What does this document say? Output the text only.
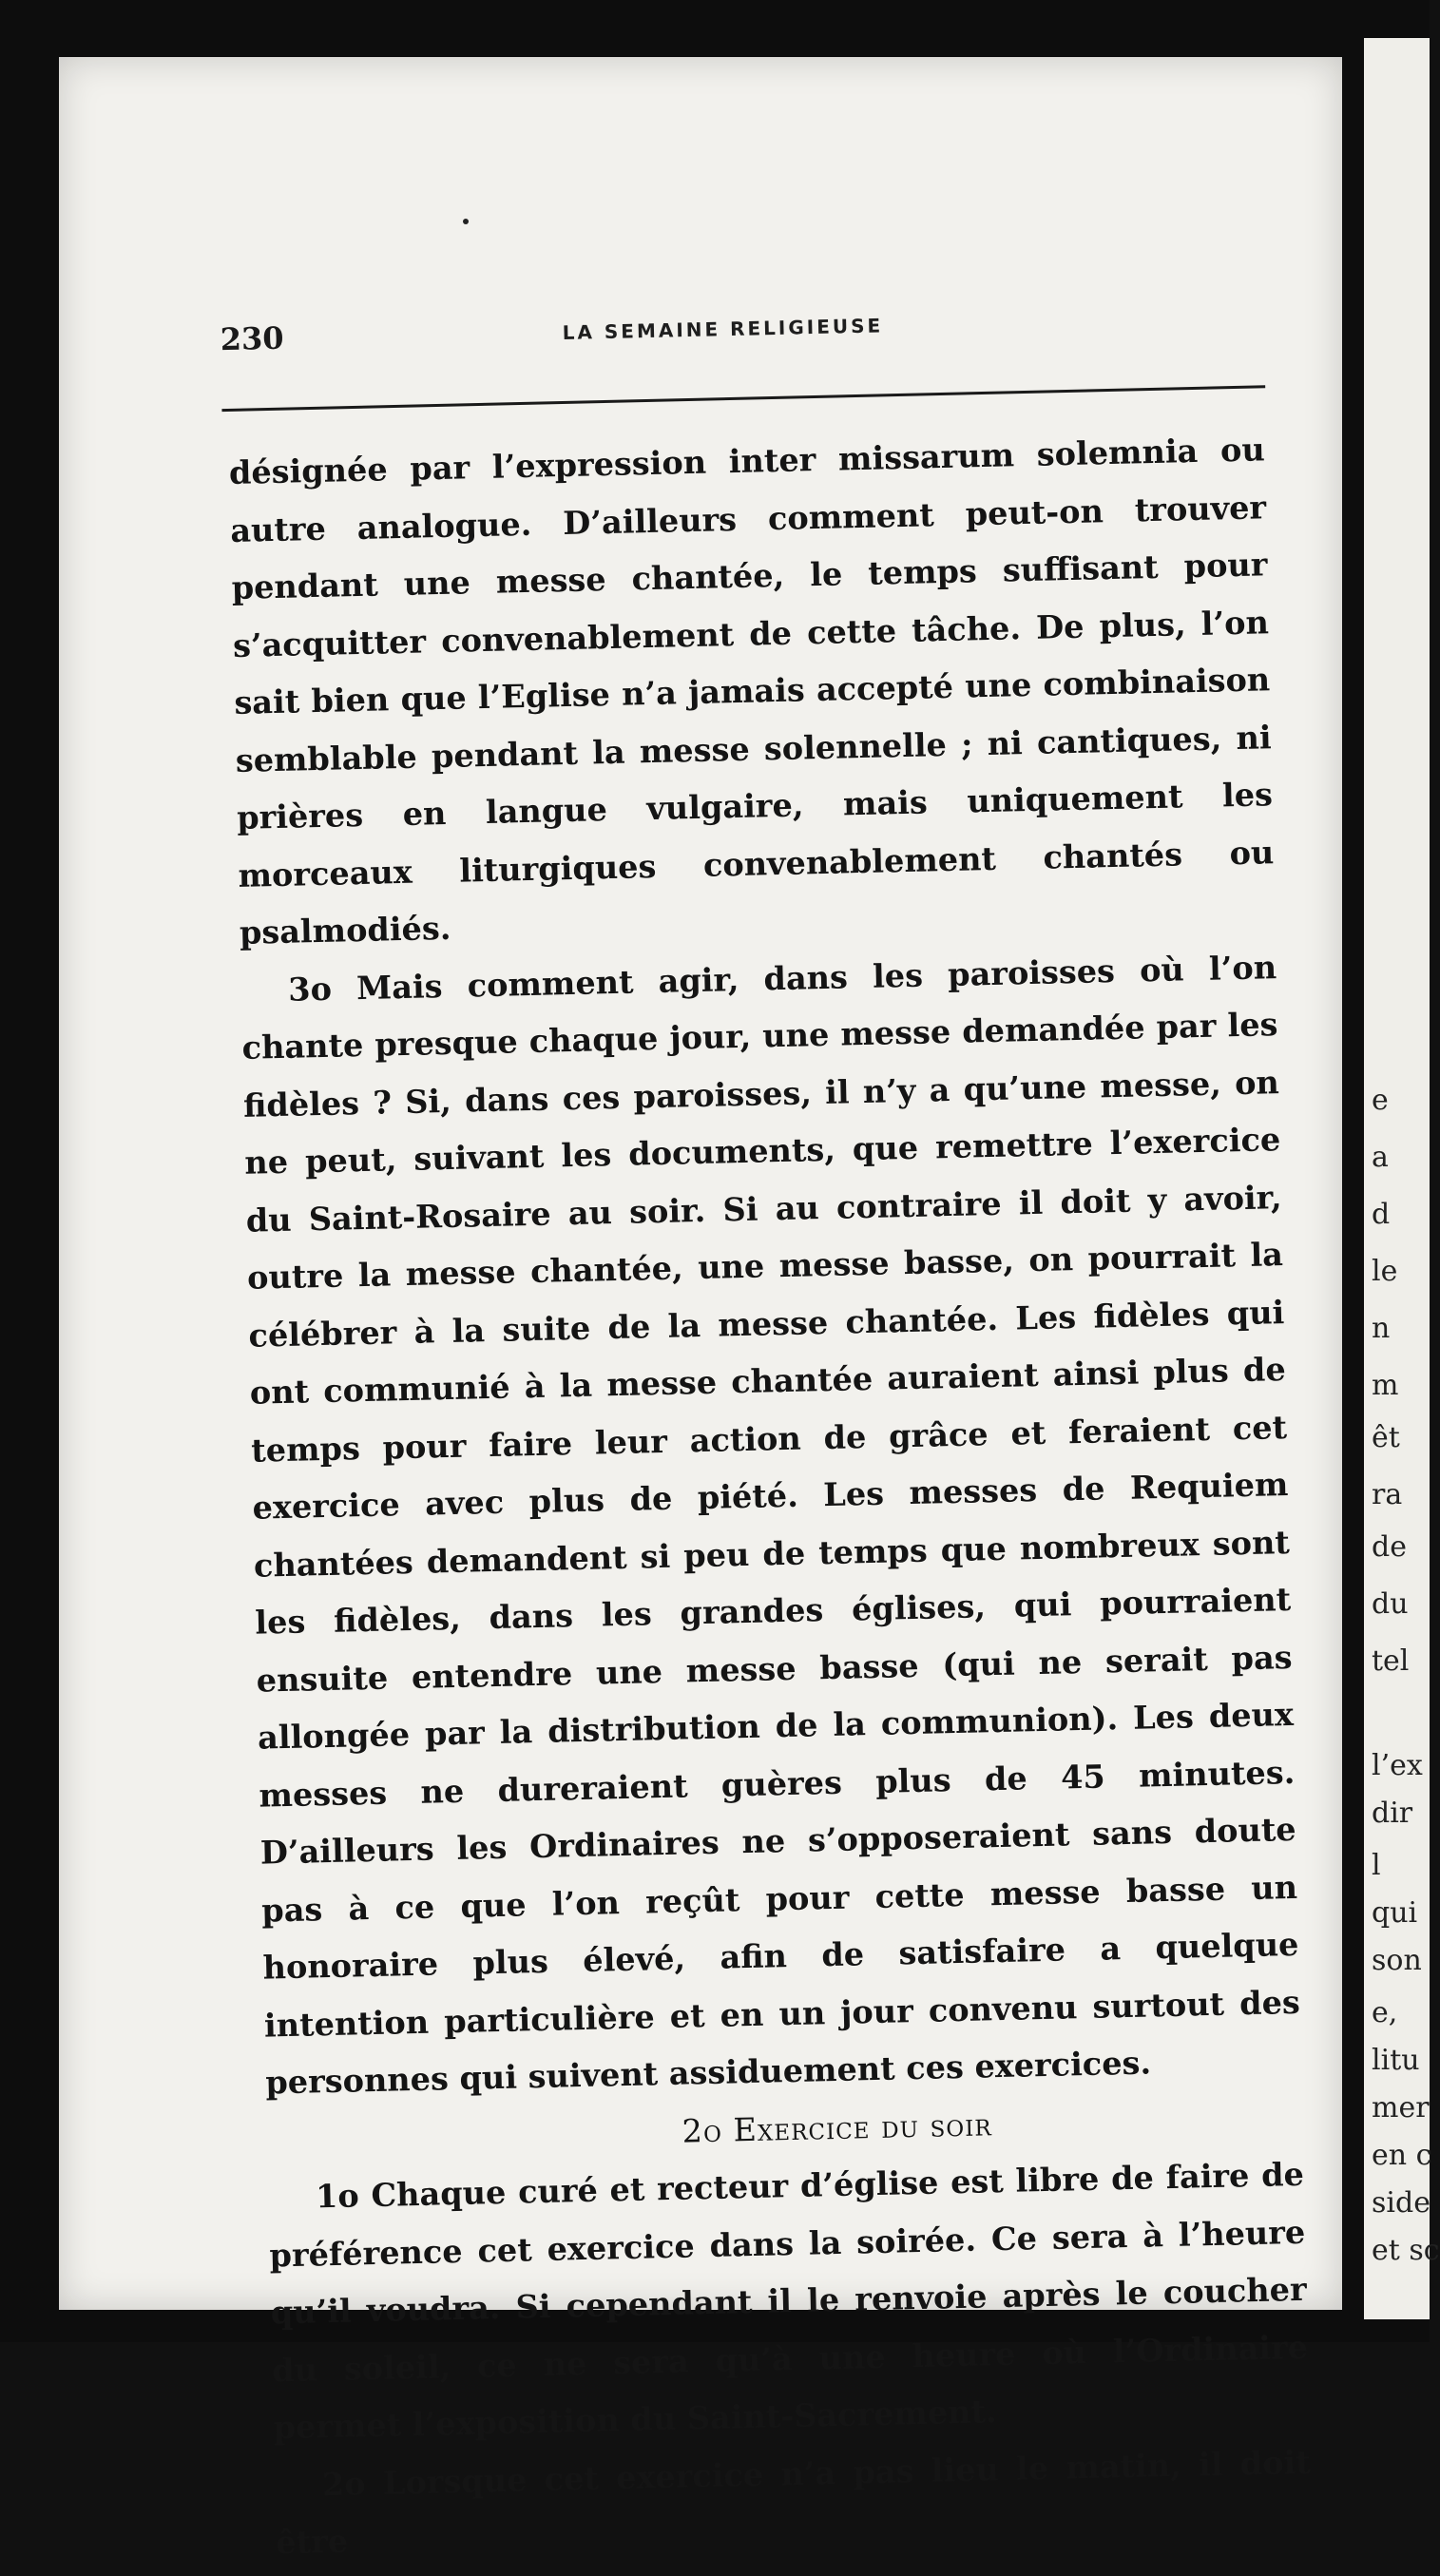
230	LA SEMAINE RELIGIEUSE

désignée par l’expression inter missarum solemnia ou autre analogue. D’ailleurs comment peut-on trouver pendant une messe chantée, le temps suffisant pour s’acquitter convenablement de cette tâche. De plus, l’on sait bien que l’Eglise n’a jamais accepté une combinaison semblable pendant la messe solennelle ; ni cantiques, ni prières en langue vulgaire, mais uniquement les morceaux liturgiques convenablement chantés ou psalmodiés.

3o Mais comment agir, dans les paroisses où l’on chante presque chaque jour, une messe demandée par les fidèles ? Si, dans ces paroisses, il n’y a qu’une messe, on ne peut, suivant les documents, que remettre l’exercice du Saint-Rosaire au soir. Si au contraire il doit y avoir, outre la messe chantée, une messe basse, on pourrait la célébrer à la suite de la messe chantée. Les fidèles qui ont communié à la messe chantée auraient ainsi plus de temps pour faire leur action de grâce et feraient cet exercice avec plus de piété. Les messes de Requiem chantées demandent si peu de temps que nombreux sont les fidèles, dans les grandes églises, qui pourraient ensuite entendre une messe basse (qui ne serait pas allongée par la distribution de la communion). Les deux messes ne dureraient guères plus de 45 minutes. D’ailleurs les Ordinaires ne s’opposeraient sans doute pas à ce que l’on reçût pour cette messe basse un honoraire plus élevé, afin de satisfaire a quelque intention particulière et en un jour convenu surtout des personnes qui suivent assiduement ces exercices.

2o Exercice du soir

1o Chaque curé et recteur d’église est libre de faire de préférence cet exercice dans la soirée. Ce sera à l’heure qu’il voudra. Si cependant il le renvoie après le coucher du soleil, ce ne sera qu’à une heure où l’Ordinaire permet l’exposition du Saint-Sacrement.

2o Lorsque cet exercice n’a pas lieu le matin, il doit être

e
a
d
le
n
m
êt
ra
de
du
tel
l’ex
dir
l
qui
son
e,
litu
mer
en c
side
et sc
